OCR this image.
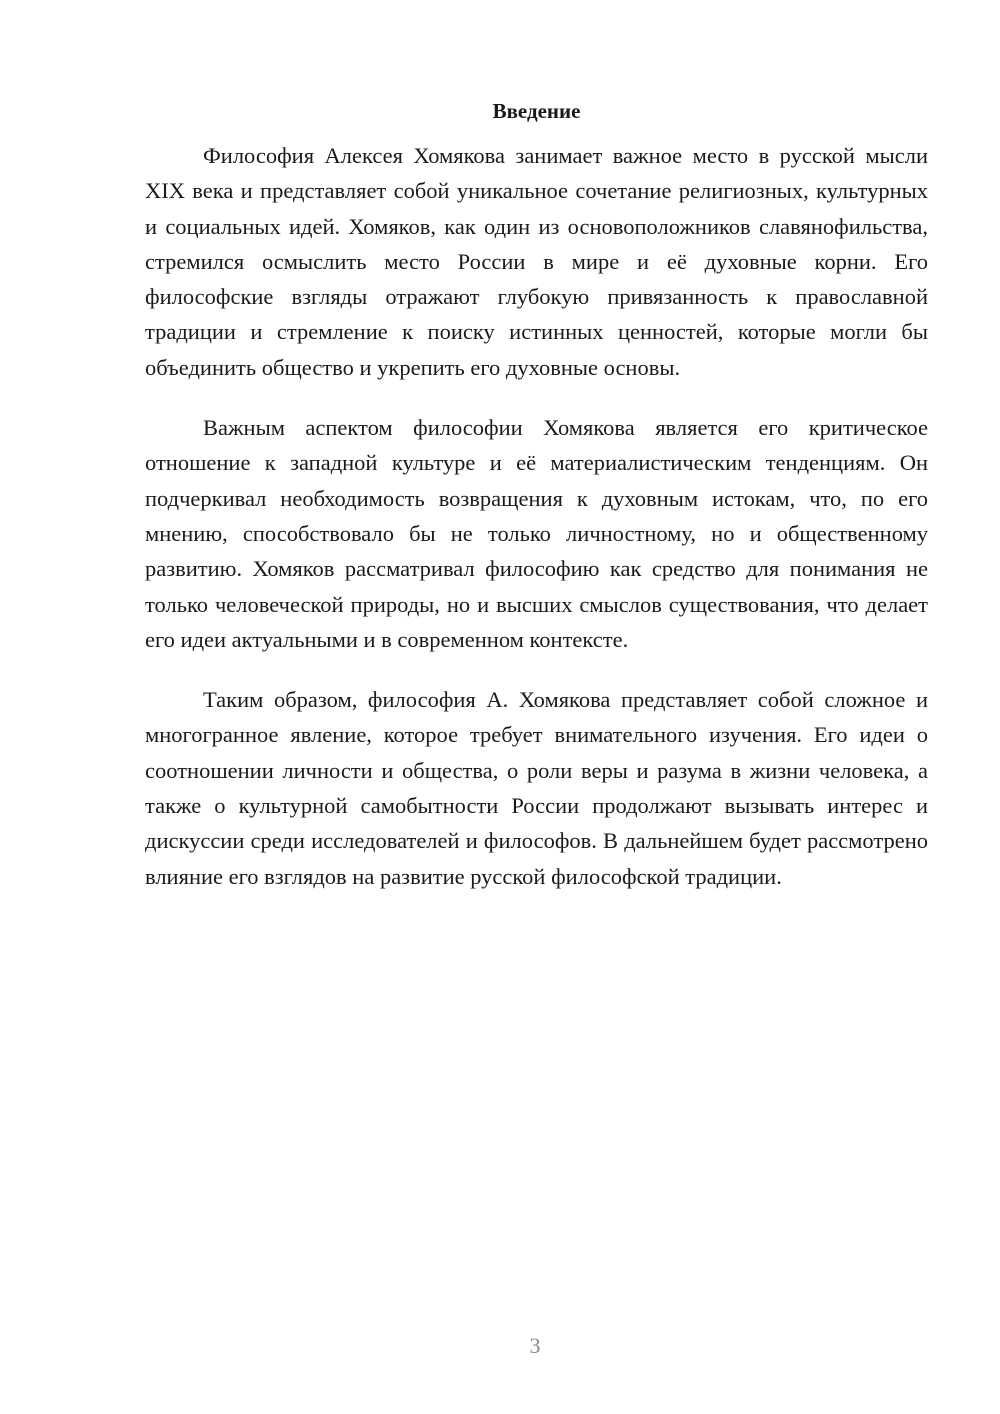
Введение

Философия Алексея Хомякова занимает важное место в русской мысли XIX века и представляет собой уникальное сочетание религиозных, культурных и социальных идей. Хомяков, как один из основоположников славянофильства, стремился осмыслить место России в мире и её духовные корни. Его философские взгляды отражают глубокую привязанность к православной традиции и стремление к поиску истинных ценностей, которые могли бы объединить общество и укрепить его духовные основы.

Важным аспектом философии Хомякова является его критическое отношение к западной культуре и её материалистическим тенденциям. Он подчеркивал необходимость возвращения к духовным истокам, что, по его мнению, способствовало бы не только личностному, но и общественному развитию. Хомяков рассматривал философию как средство для понимания не только человеческой природы, но и высших смыслов существования, что делает его идеи актуальными и в современном контексте.

Таким образом, философия А. Хомякова представляет собой сложное и многогранное явление, которое требует внимательного изучения. Его идеи о соотношении личности и общества, о роли веры и разума в жизни человека, а также о культурной самобытности России продолжают вызывать интерес и дискуссии среди исследователей и философов. В дальнейшем будет рассмотрено влияние его взглядов на развитие русской философской традиции.

3
